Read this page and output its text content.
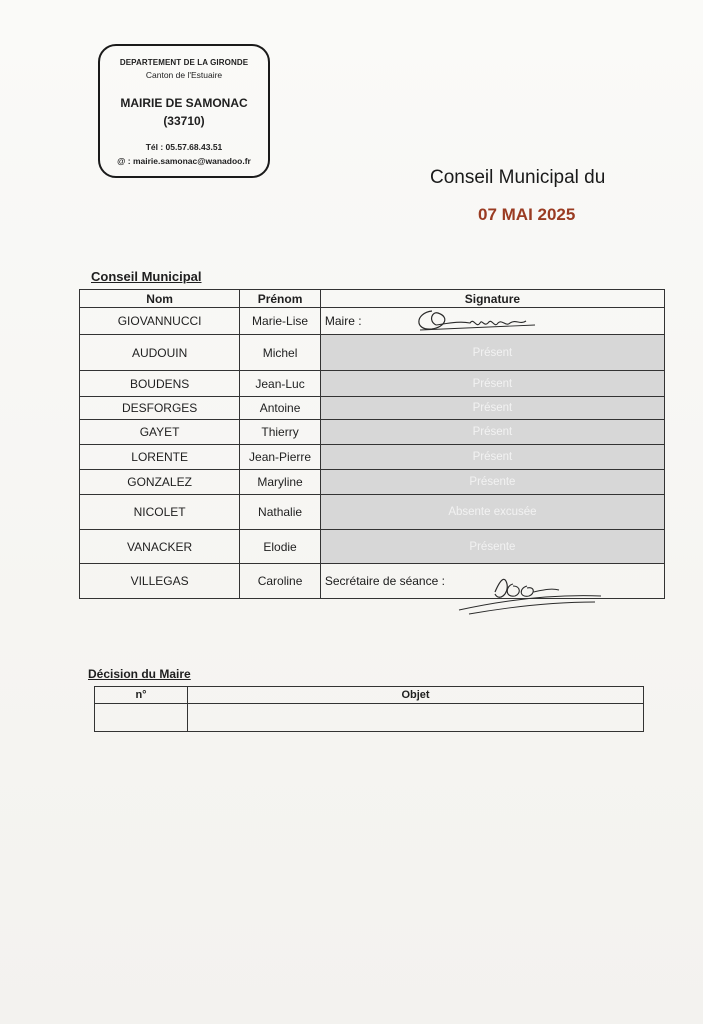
DEPARTEMENT DE LA GIRONDE
Canton de l'Estuaire
MAIRIE DE SAMONAC
(33710)
Tél : 05.57.68.43.51
@ : mairie.samonac@wanadoo.fr
Conseil Municipal du
07 MAI 2025
Conseil Municipal
Nom	Prénom	Signature
GIOVANNUCCI	Marie-Lise	Maire :

AUDOUIN	Michel	Présent
BOUDENS	Jean-Luc	Présent
DESFORGES	Antoine	Présent
GAYET	Thierry	Présent
LORENTE	Jean-Pierre	Présent
GONZALEZ	Maryline	Présente
NICOLET	Nathalie	Absente excusée
VANACKER	Elodie	Présente
VILLEGAS	Caroline	Secrétaire de séance :
Décision du Maire
n°	Objet
